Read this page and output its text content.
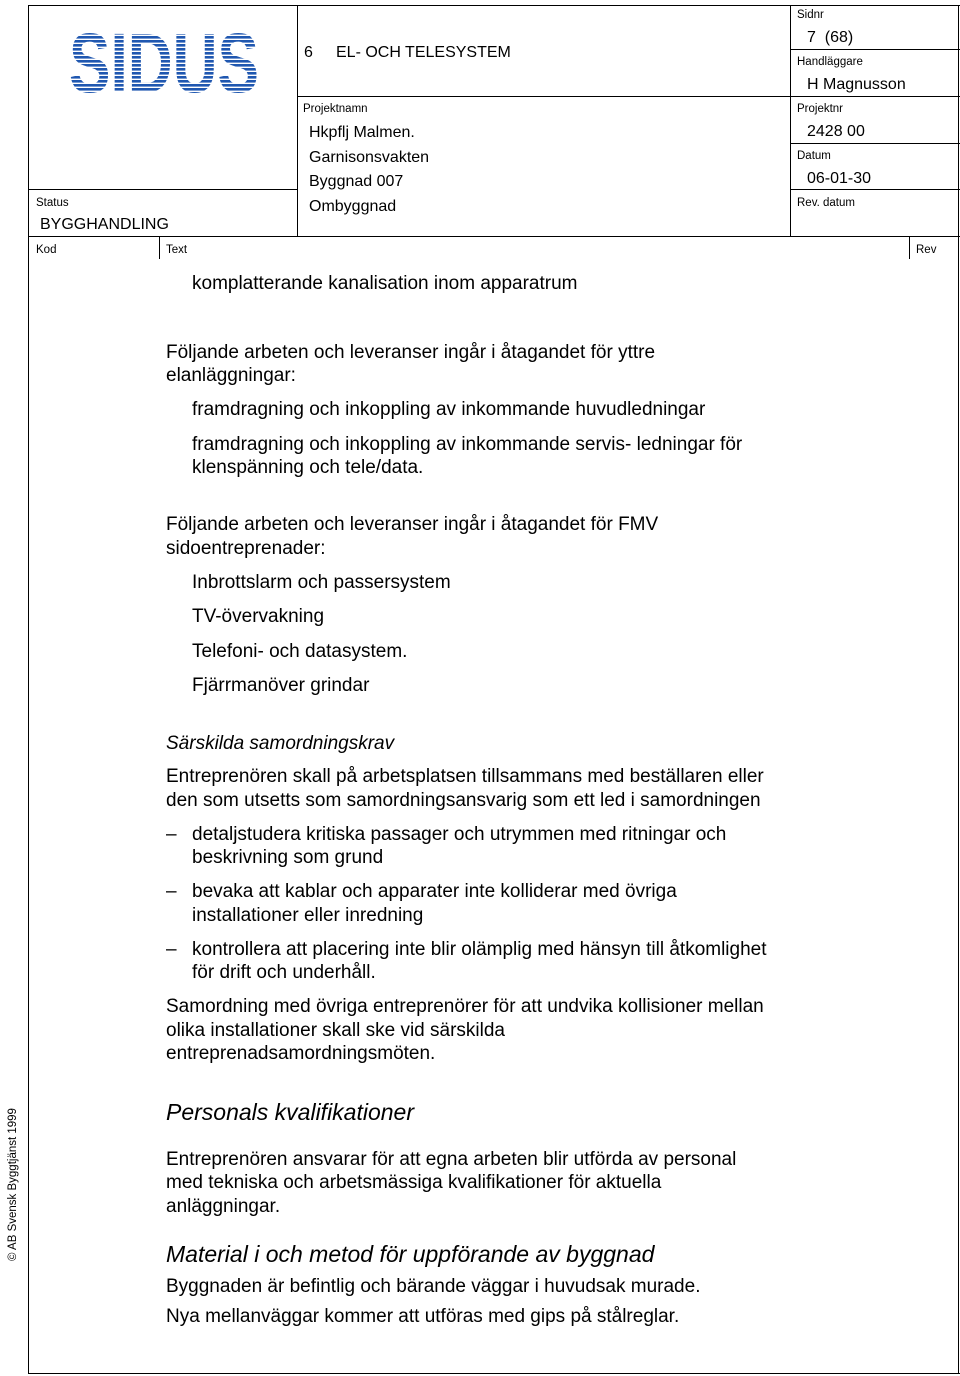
SIDUS	6 EL- OCH TELESYSTEM
Status
BYGGHANDLING
Projektnamn
Hkpflj Malmen.
Garnisonsvakten
Byggnad 007
Ombyggnad
Sidnr
7  (68)
Handläggare
H Magnusson
Projektnr
2428 00
Datum
06-01-30
Rev. datum
Kod	Text	Rev
komplatterande kanalisation inom apparatrum
Följande arbeten och leveranser ingår i åtagandet för yttre
elanläggningar:
framdragning och inkoppling av inkommande huvudledningar
framdragning och inkoppling av inkommande servis- ledningar för
klenspänning och tele/data.
Följande arbeten och leveranser ingår i åtagandet för FMV
sidoentreprenader:
Inbrottslarm och passersystem
TV-övervakning
Telefoni- och datasystem.
Fjärrmanöver grindar
Särskilda samordningskrav
Entreprenören skall på arbetsplatsen tillsammans med beställaren eller
den som utsetts som samordningsansvarig som ett led i samordningen
– detaljstudera kritiska passager och utrymmen med ritningar och
beskrivning som grund
– bevaka att kablar och apparater inte kolliderar med övriga
installationer eller inredning
– kontrollera att placering inte blir olämplig med hänsyn till åtkomlighet
för drift och underhåll.
Samordning med övriga entreprenörer för att undvika kollisioner mellan
olika installationer skall ske vid särskilda
entreprenadsamordningsmöten.
Personals kvalifikationer
Entreprenören ansvarar för att egna arbeten blir utförda av personal
med tekniska och arbetsmässiga kvalifikationer för aktuella
anläggningar.
Material i och metod för uppförande av byggnad
Byggnaden är befintlig och bärande väggar i huvudsak murade.
Nya mellanväggar kommer att utföras med gips på stålreglar.
© AB Svensk Byggtjänst 1999
